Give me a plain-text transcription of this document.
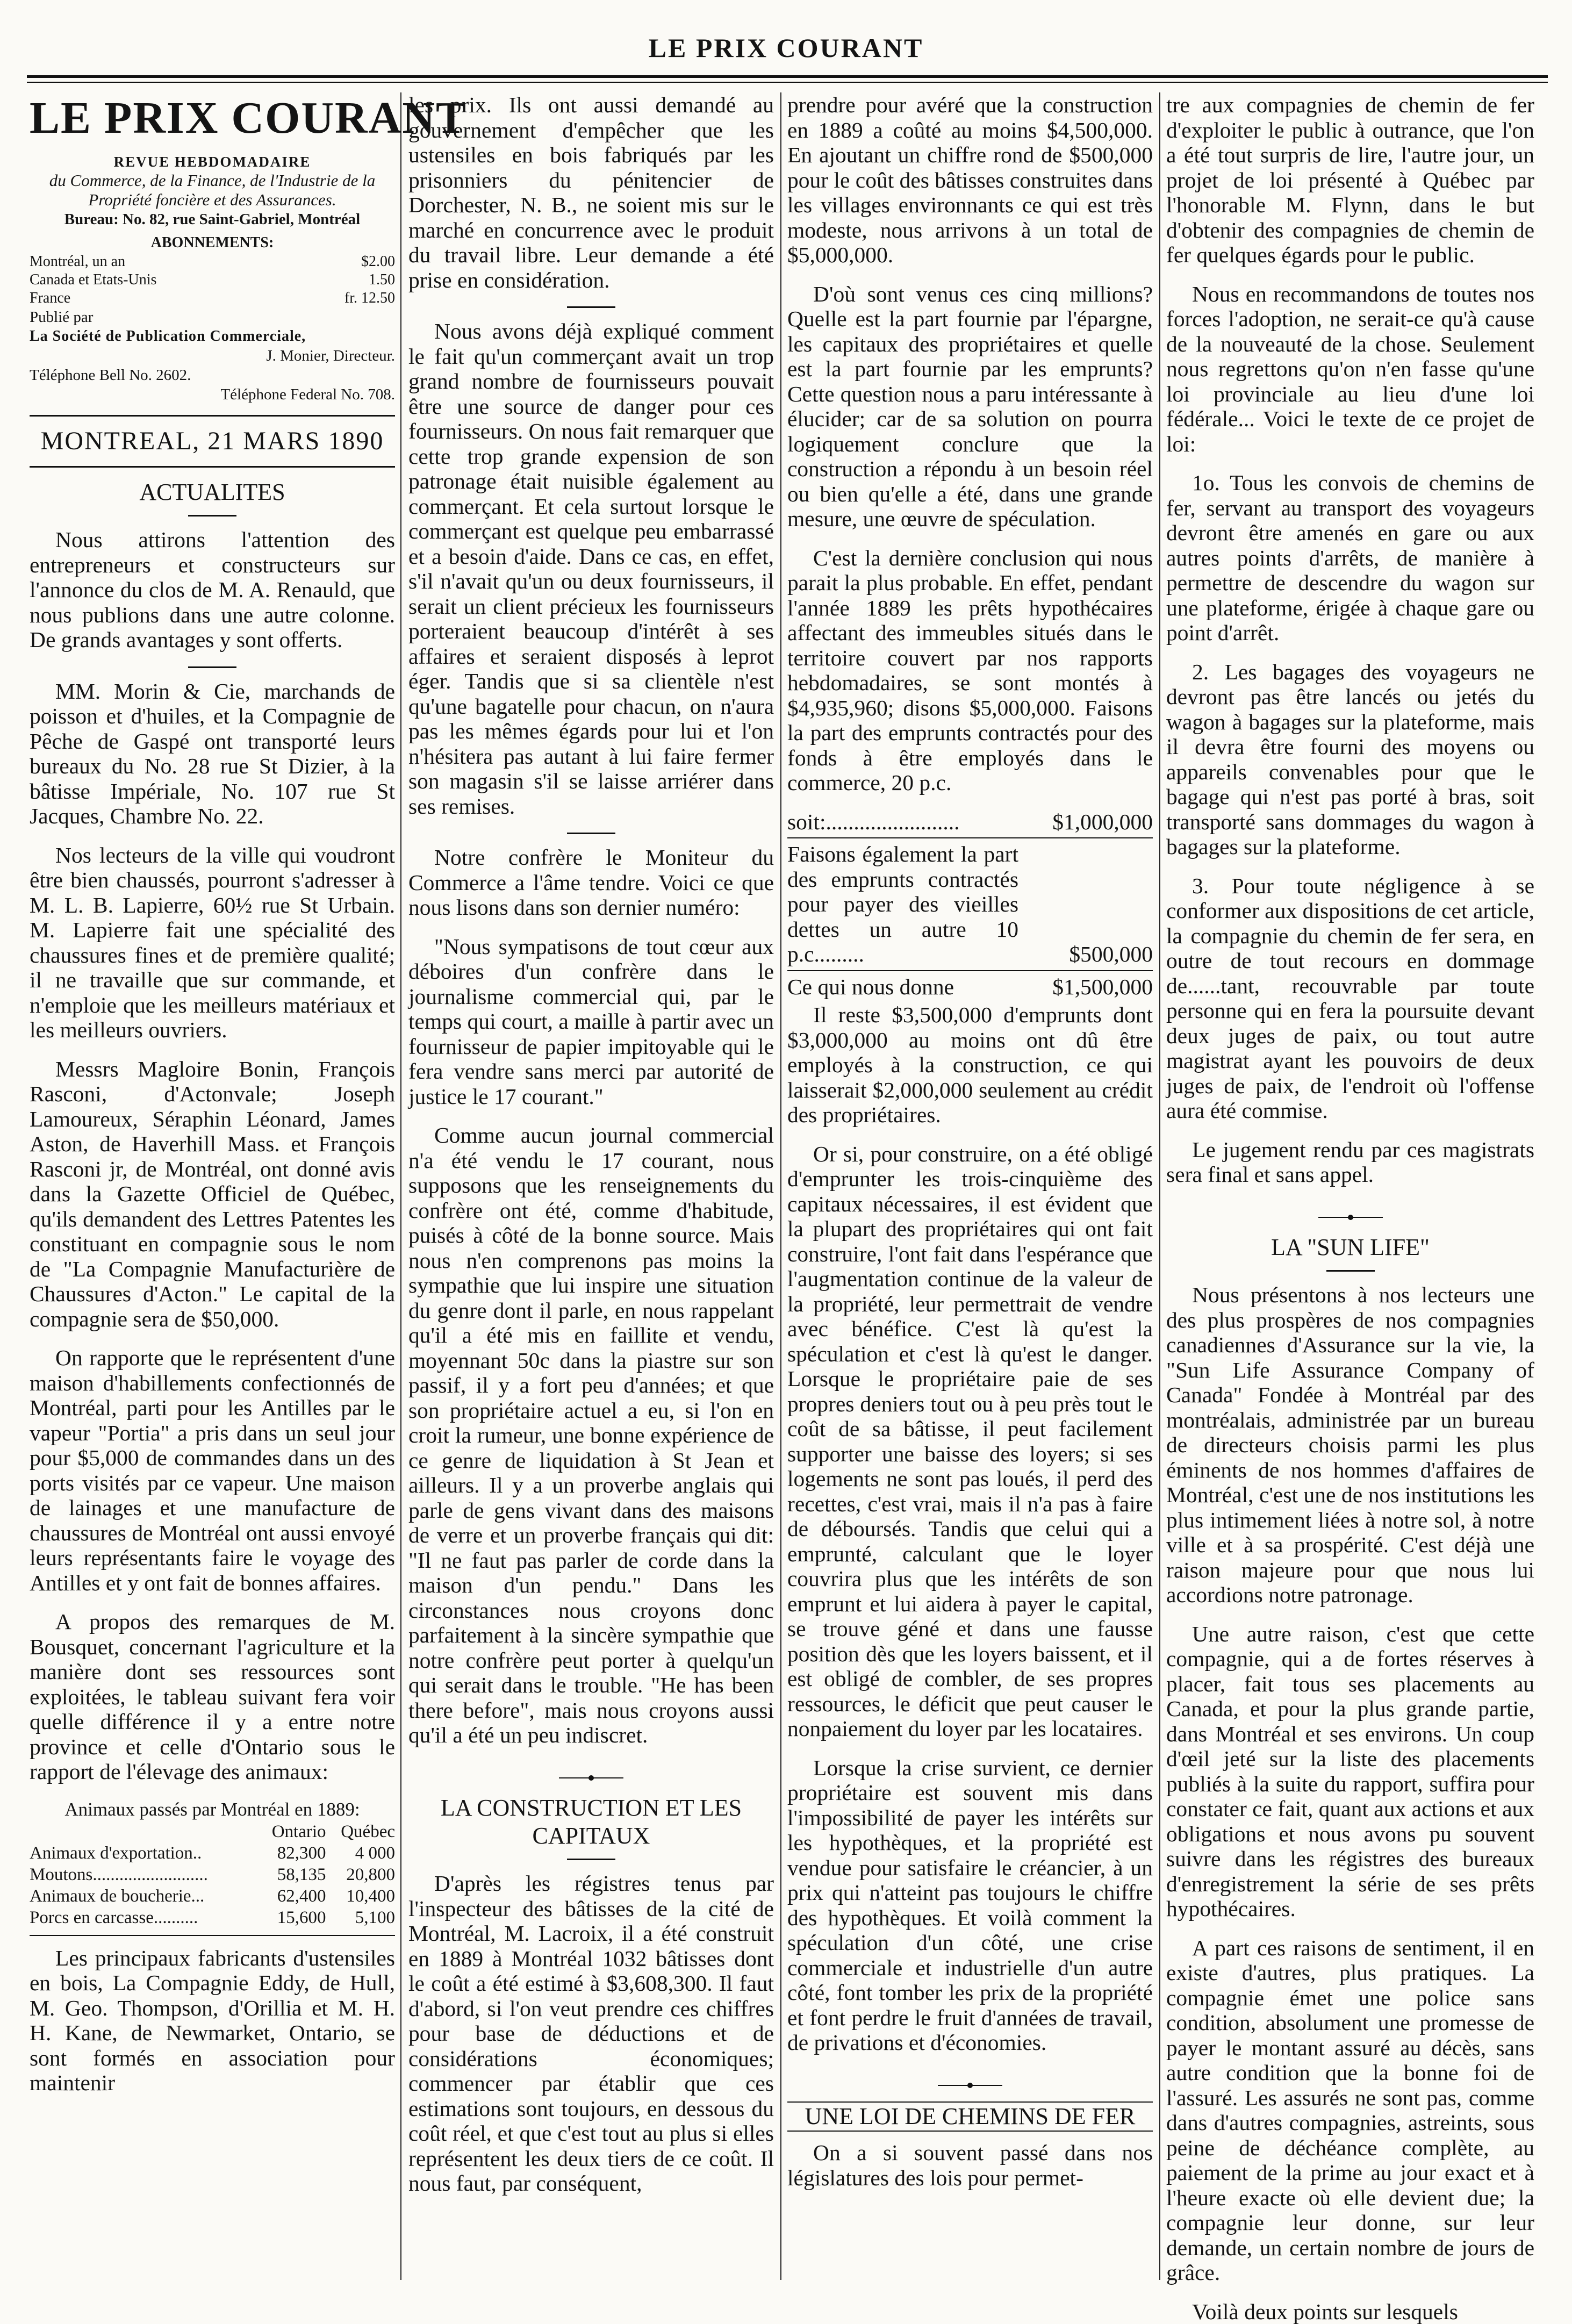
LE PRIX COURANT
LE PRIX COURANT
REVUE HEBDOMADAIRE
du Commerce, de la Finance, de l'Industrie de la Propriété foncière et des Assurances.
Bureau: No. 82, rue Saint-Gabriel, Montréal
ABONNEMENTS:
Montréal, un an	$2.00
Canada et Etats-Unis	1.50
France	fr. 12.50
Publié par
La Société de Publication Commerciale,
J. Monier, Directeur.
Téléphone Bell No. 2602.
Téléphone Federal No. 708.
MONTREAL, 21 MARS 1890
ACTUALITES

Nous attirons l'attention des entrepreneurs et constructeurs sur l'annonce du clos de M. A. Renauld, que nous publions dans une autre colonne. De grands avantages y sont offerts.

MM. Morin & Cie, marchands de poisson et d'huiles, et la Compagnie de Pêche de Gaspé ont transporté leurs bureaux du No. 28 rue St Dizier, à la bâtisse Impériale, No. 107 rue St Jacques, Chambre No. 22.

Nos lecteurs de la ville qui voudront être bien chaussés, pourront s'adresser à M. L. B. Lapierre, 60½ rue St Urbain. M. Lapierre fait une spécialité des chaussures fines et de première qualité; il ne travaille que sur commande, et n'emploie que les meilleurs matériaux et les meilleurs ouvriers.

Messrs Magloire Bonin, François Rasconi, d'Actonvale; Joseph Lamoureux, Séraphin Léonard, James Aston, de Haverhill Mass. et François Rasconi jr, de Montréal, ont donné avis dans la Gazette Officiel de Québec, qu'ils demandent des Lettres Patentes les constituant en compagnie sous le nom de "La Compagnie Manufacturière de Chaussures d'Acton." Le capital de la compagnie sera de $50,000.

On rapporte que le représentent d'une maison d'habillements confectionnés de Montréal, parti pour les Antilles par le vapeur "Portia" a pris dans un seul jour pour $5,000 de commandes dans un des ports visités par ce vapeur. Une maison de lainages et une manufacture de chaussures de Montréal ont aussi envoyé leurs représentants faire le voyage des Antilles et y ont fait de bonnes affaires.

A propos des remarques de M. Bousquet, concernant l'agriculture et la manière dont ses ressources sont exploitées, le tableau suivant fera voir quelle différence il y a entre notre province et celle d'Ontario sous le rapport de l'élevage des animaux:

Animaux passés par Montréal en 1889:
	Ontario	Québec
Animaux d'exportation..	82,300	4 000
Moutons..........................	58,135	20,800
Animaux de boucherie...	62,400	10,400
Porcs en carcasse..........	15,600	5,100

Les principaux fabricants d'ustensiles en bois, La Compagnie Eddy, de Hull, M. Geo. Thompson, d'Orillia et M. H. H. Kane, de Newmarket, Ontario, se sont formés en association pour maintenir

les prix. Ils ont aussi demandé au gouvernement d'empêcher que les ustensiles en bois fabriqués par les prisonniers du pénitencier de Dorchester, N. B., ne soient mis sur le marché en concurrence avec le produit du travail libre. Leur demande a été prise en considération.

Nous avons déjà expliqué comment le fait qu'un commerçant avait un trop grand nombre de fournisseurs pouvait être une source de danger pour ces fournisseurs. On nous fait remarquer que cette trop grande expension de son patronage était nuisible également au commerçant. Et cela surtout lorsque le commerçant est quelque peu embarrassé et a besoin d'aide. Dans ce cas, en effet, s'il n'avait qu'un ou deux fournisseurs, il serait un client précieux les fournisseurs porteraient beaucoup d'intérêt à ses affaires et seraient disposés à leprot éger. Tandis que si sa clientèle n'est qu'une bagatelle pour chacun, on n'aura pas les mêmes égards pour lui et l'on n'hésitera pas autant à lui faire fermer son magasin s'il se laisse arriérer dans ses remises.

Notre confrère le Moniteur du Commerce a l'âme tendre. Voici ce que nous lisons dans son dernier numéro:

"Nous sympatisons de tout cœur aux déboires d'un confrère dans le journalisme commercial qui, par le temps qui court, a maille à partir avec un fournisseur de papier impitoyable qui le fera vendre sans merci par autorité de justice le 17 courant."

Comme aucun journal commercial n'a été vendu le 17 courant, nous supposons que les renseignements du confrère ont été, comme d'habitude, puisés à côté de la bonne source. Mais nous n'en comprenons pas moins la sympathie que lui inspire une situation du genre dont il parle, en nous rappelant qu'il a été mis en faillite et vendu, moyennant 50c dans la piastre sur son passif, il y a fort peu d'années; et que son propriétaire actuel a eu, si l'on en croit la rumeur, une bonne expérience de ce genre de liquidation à St Jean et ailleurs. Il y a un proverbe anglais qui parle de gens vivant dans des maisons de verre et un proverbe français qui dit: "Il ne faut pas parler de corde dans la maison d'un pendu." Dans les circonstances nous croyons donc parfaitement à la sincère sympathie que notre confrère peut porter à quelqu'un qui serait dans le trouble. "He has been there before", mais nous croyons aussi qu'il a été un peu indiscret.

LA CONSTRUCTION ET LES CAPITAUX

D'après les régistres tenus par l'inspecteur des bâtisses de la cité de Montréal, M. Lacroix, il a été construit en 1889 à Montréal 1032 bâtisses dont le coût a été estimé à $3,608,300. Il faut d'abord, si l'on veut prendre ces chiffres pour base de déductions et de considérations économiques; commencer par établir que ces estimations sont toujours, en dessous du coût réel, et que c'est tout au plus si elles représentent les deux tiers de ce coût. Il nous faut, par conséquent,

prendre pour avéré que la construction en 1889 a coûté au moins $4,500,000. En ajoutant un chiffre rond de $500,000 pour le coût des bâtisses construites dans les villages environnants ce qui est très modeste, nous arrivons à un total de $5,000,000.

D'où sont venus ces cinq millions? Quelle est la part fournie par l'épargne, les capitaux des propriétaires et quelle est la part fournie par les emprunts? Cette question nous a paru intéressante à élucider; car de sa solution on pourra logiquement conclure que la construction a répondu à un besoin réel ou bien qu'elle a été, dans une grande mesure, une œuvre de spéculation.

C'est la dernière conclusion qui nous parait la plus probable. En effet, pendant l'année 1889 les prêts hypothécaires affectant des immeubles situés dans le territoire couvert par nos rapports hebdomadaires, se sont montés à $4,935,960; disons $5,000,000. Faisons la part des emprunts contractés pour des fonds à être employés dans le commerce, 20 p.c.

soit:........................	$1,000,000
Faisons également la part des emprunts contractés pour payer des vieilles dettes un autre 10 p.c.........	$500,000
Ce qui nous donne	$1,500,000

Il reste $3,500,000 d'emprunts dont $3,000,000 au moins ont dû être employés à la construction, ce qui laisserait $2,000,000 seulement au crédit des propriétaires.

Or si, pour construire, on a été obligé d'emprunter les trois-cinquième des capitaux nécessaires, il est évident que la plupart des propriétaires qui ont fait construire, l'ont fait dans l'espérance que l'augmentation continue de la valeur de la propriété, leur permettrait de vendre avec bénéfice. C'est là qu'est la spéculation et c'est là qu'est le danger. Lorsque le propriétaire paie de ses propres deniers tout ou à peu près tout le coût de sa bâtisse, il peut facilement supporter une baisse des loyers; si ses logements ne sont pas loués, il perd des recettes, c'est vrai, mais il n'a pas à faire de déboursés. Tandis que celui qui a emprunté, calculant que le loyer couvrira plus que les intérêts de son emprunt et lui aidera à payer le capital, se trouve géné et dans une fausse position dès que les loyers baissent, et il est obligé de combler, de ses propres ressources, le déficit que peut causer le nonpaiement du loyer par les locataires.

Lorsque la crise survient, ce dernier propriétaire est souvent mis dans l'impossibilité de payer les intérêts sur les hypothèques, et la propriété est vendue pour satisfaire le créancier, à un prix qui n'atteint pas toujours le chiffre des hypothèques. Et voilà comment la spéculation d'un côté, une crise commerciale et industrielle d'un autre côté, font tomber les prix de la propriété et font perdre le fruit d'années de travail, de privations et d'économies.

UNE LOI DE CHEMINS DE FER

On a si souvent passé dans nos législatures des lois pour permet-

tre aux compagnies de chemin de fer d'exploiter le public à outrance, que l'on a été tout surpris de lire, l'autre jour, un projet de loi présenté à Québec par l'honorable M. Flynn, dans le but d'obtenir des compagnies de chemin de fer quelques égards pour le public.

Nous en recommandons de toutes nos forces l'adoption, ne serait-ce qu'à cause de la nouveauté de la chose. Seulement nous regrettons qu'on n'en fasse qu'une loi provinciale au lieu d'une loi fédérale... Voici le texte de ce projet de loi:

1o. Tous les convois de chemins de fer, servant au transport des voyageurs devront être amenés en gare ou aux autres points d'arrêts, de manière à permettre de descendre du wagon sur une plateforme, érigée à chaque gare ou point d'arrêt.

2. Les bagages des voyageurs ne devront pas être lancés ou jetés du wagon à bagages sur la plateforme, mais il devra être fourni des moyens ou appareils convenables pour que le bagage qui n'est pas porté à bras, soit transporté sans dommages du wagon à bagages sur la plateforme.

3. Pour toute négligence à se conformer aux dispositions de cet article, la compagnie du chemin de fer sera, en outre de tout recours en dommage de......tant, recouvrable par toute personne qui en fera la poursuite devant deux juges de paix, ou tout autre magistrat ayant les pouvoirs de deux juges de paix, de l'endroit où l'offense aura été commise.

Le jugement rendu par ces magistrats sera final et sans appel.

LA "SUN LIFE"

Nous présentons à nos lecteurs une des plus prospères de nos compagnies canadiennes d'Assurance sur la vie, la "Sun Life Assurance Company of Canada" Fondée à Montréal par des montréalais, administrée par un bureau de directeurs choisis parmi les plus éminents de nos hommes d'affaires de Montréal, c'est une de nos institutions les plus intimement liées à notre sol, à notre ville et à sa prospérité. C'est déjà une raison majeure pour que nous lui accordions notre patronage.

Une autre raison, c'est que cette compagnie, qui a de fortes réserves à placer, fait tous ses placements au Canada, et pour la plus grande partie, dans Montréal et ses environs. Un coup d'œil jeté sur la liste des placements publiés à la suite du rapport, suffira pour constater ce fait, quant aux actions et aux obligations et nous avons pu souvent suivre dans les régistres des bureaux d'enregistrement la série de ses prêts hypothécaires.

A part ces raisons de sentiment, il en existe d'autres, plus pratiques. La compagnie émet une police sans condition, absolument une promesse de payer le montant assuré au décès, sans autre condition que la bonne foi de l'assuré. Les assurés ne sont pas, comme dans d'autres compagnies, astreints, sous peine de déchéance complète, au paiement de la prime au jour exact et à l'heure exacte où elle devient due; la compagnie leur donne, sur leur demande, un certain nombre de jours de grâce.

Voilà deux points sur lesquels
